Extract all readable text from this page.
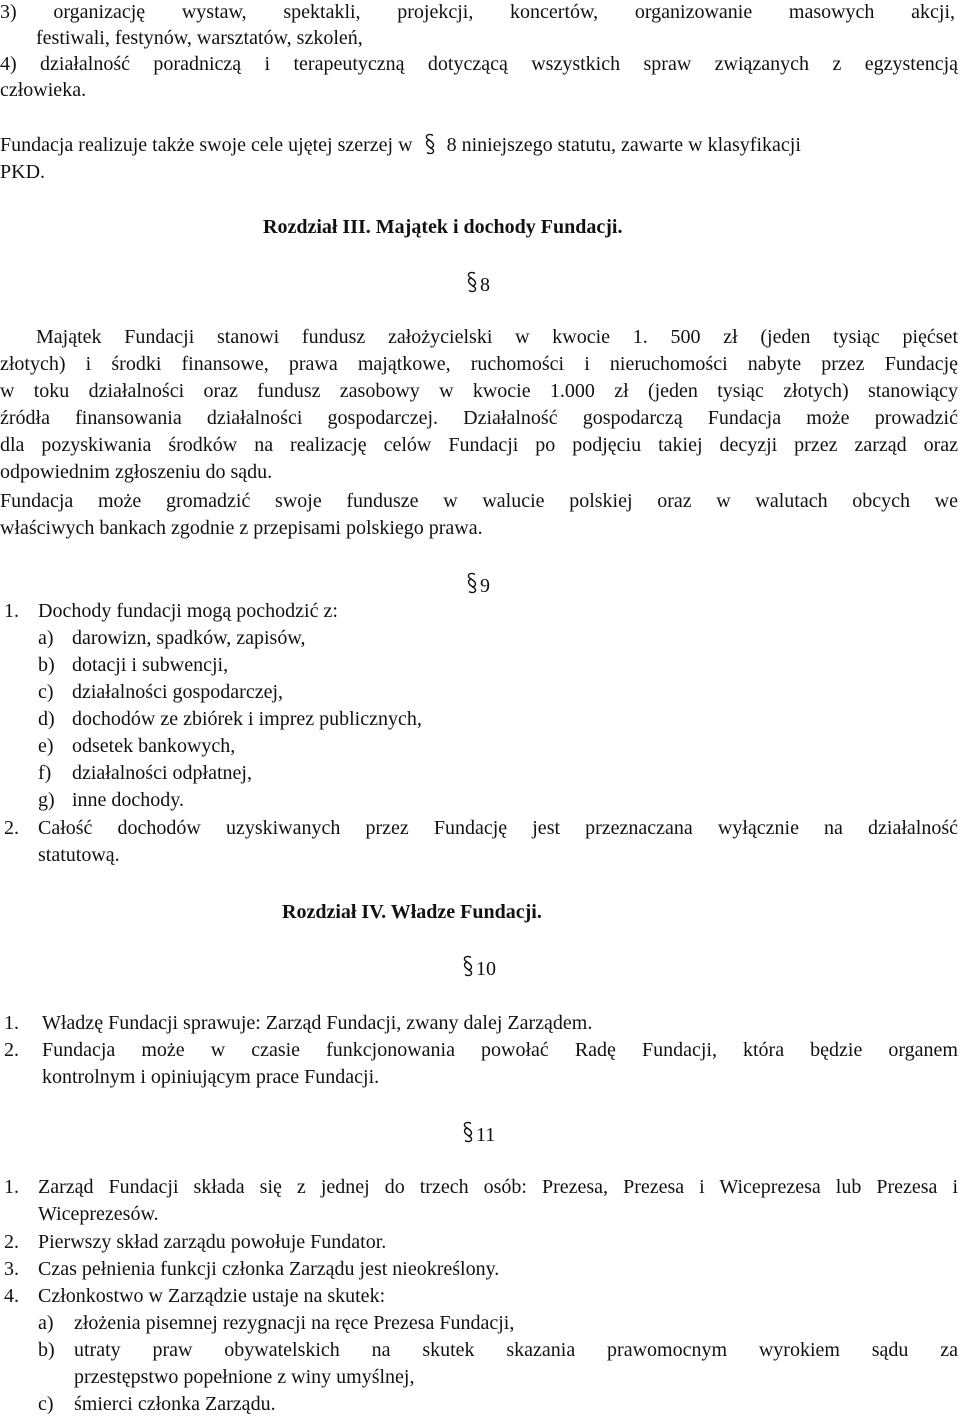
3) organizację wystaw, spektakli, projekcji, koncertów, organizowanie masowych akcji,
festiwali, festynów, warsztatów, szkoleń,
4) działalność poradniczą i terapeutyczną dotyczącą wszystkich spraw związanych z egzystencją
człowieka.
Fundacja realizuje także swoje cele ujętej szerzej w 8 niniejszego statutu, zawarte w klasyfikacji
PKD.
Rozdział III. Majątek i dochody Fundacji.
8
Majątek Fundacji stanowi fundusz założycielski w kwocie 1. 500 zł (jeden tysiąc pięćset
złotych) i środki finansowe, prawa majątkowe, ruchomości i nieruchomości nabyte przez Fundację
w toku działalności oraz fundusz zasobowy w kwocie 1.000 zł (jeden tysiąc złotych) stanowiący
źródła finansowania działalności gospodarczej. Działalność gospodarczą Fundacja może prowadzić
dla pozyskiwania środków na realizację celów Fundacji po podjęciu takiej decyzji przez zarząd oraz
odpowiednim zgłoszeniu do sądu.
Fundacja może gromadzić swoje fundusze w walucie polskiej oraz w walutach obcych we
właściwych bankach zgodnie z przepisami polskiego prawa.
9
1. Dochody fundacji mogą pochodzić z:
a) darowizn, spadków, zapisów,
b) dotacji i subwencji,
c) działalności gospodarczej,
d) dochodów ze zbiórek i imprez publicznych,
e) odsetek bankowych,
f) działalności odpłatnej,
g) inne dochody.
2. Całość dochodów uzyskiwanych przez Fundację jest przeznaczana wyłącznie na działalność
statutową.
Rozdział IV. Władze Fundacji.
10
1. Władzę Fundacji sprawuje: Zarząd Fundacji, zwany dalej Zarządem.
2. Fundacja może w czasie funkcjonowania powołać Radę Fundacji, która będzie organem
kontrolnym i opiniującym prace Fundacji.
11
1. Zarząd Fundacji składa się z jednej do trzech osób: Prezesa, Prezesa i Wiceprezesa lub Prezesa i
Wiceprezesów.
2. Pierwszy skład zarządu powołuje Fundator.
3. Czas pełnienia funkcji członka Zarządu jest nieokreślony.
4. Członkostwo w Zarządzie ustaje na skutek:
a) złożenia pisemnej rezygnacji na ręce Prezesa Fundacji,
b) utraty praw obywatelskich na skutek skazania prawomocnym wyrokiem sądu za
przestępstwo popełnione z winy umyślnej,
c) śmierci członka Zarządu.
